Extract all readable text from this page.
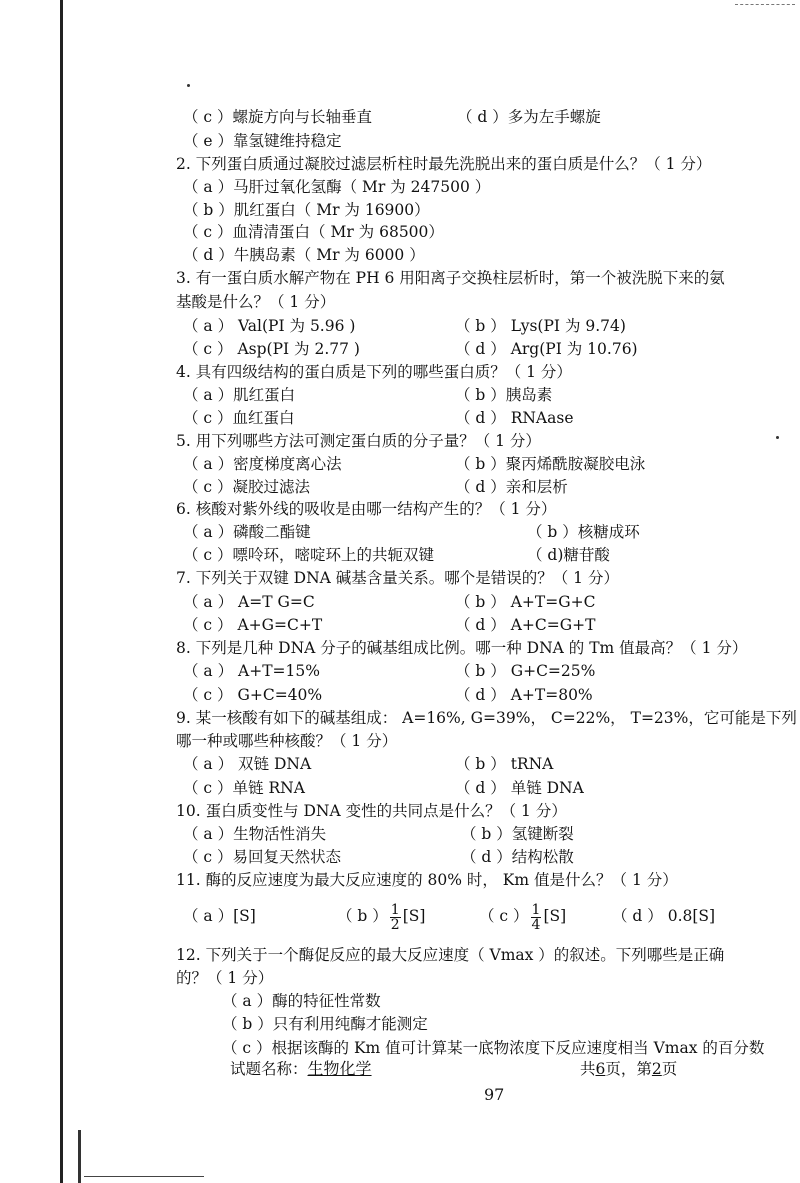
（ c ）螺旋方向与长轴垂直	（ d ）多为左手螺旋
（ e ）靠氢键维持稳定
2. 下列蛋白质通过凝胶过滤层析柱时最先洗脱出来的蛋白质是什么？（ 1 分）
（ a ）马肝过氧化氢酶（ Mr 为 247500 ）
（ b ）肌红蛋白（ Mr 为 16900）
（ c ）血清清蛋白（ Mr 为 68500）
（ d ）牛胰岛素（ Mr 为 6000 ）
3. 有一蛋白质水解产物在 PH 6 用阳离子交换柱层析时，第一个被洗脱下来的氨
基酸是什么？（ 1 分）
（ a ） Val(PI 为 5.96 )	（ b ） Lys(PI 为 9.74)
（ c ） Asp(PI 为 2.77 )	（ d ） Arg(PI 为 10.76)
4. 具有四级结构的蛋白质是下列的哪些蛋白质？（ 1 分）
（ a ）肌红蛋白	（ b ）胰岛素
（ c ）血红蛋白	（ d ） RNAase
5. 用下列哪些方法可测定蛋白质的分子量？（ 1 分）
（ a ）密度梯度离心法	（ b ）聚丙烯酰胺凝胶电泳
（ c ）凝胶过滤法	（ d ）亲和层析
6. 核酸对紫外线的吸收是由哪一结构产生的？（ 1 分）
（ a ）磷酸二酯键	（ b ）核糖成环
（ c ）嘌呤环，嘧啶环上的共轭双键	（ d)糖苷酸
7. 下列关于双键 DNA 碱基含量关系。哪个是错误的？（ 1 分）
（ a ） A=T G=C	（ b ） A+T=G+C
（ c ） A+G=C+T	（ d ） A+C=G+T
8. 下列是几种 DNA 分子的碱基组成比例。哪一种 DNA 的 Tm 值最高？（ 1 分）
（ a ） A+T=15%	（ b ） G+C=25%
（ c ） G+C=40%	（ d ） A+T=80%
9. 某一核酸有如下的碱基组成： A=16%, G=39%， C=22%， T=23%，它可能是下列
哪一种或哪些种核酸？（ 1 分）
（ a ） 双链 DNA	（ b ） tRNA
（ c ）单链 RNA	（ d ） 单链 DNA
10. 蛋白质变性与 DNA 变性的共同点是什么？（ 1 分）
（ a ）生物活性消失	（ b ）氢键断裂
（ c ）易回复天然状态	（ d ）结构松散
11. 酶的反应速度为最大反应速度的 80% 时， Km 值是什么？（ 1 分）
（ a ）[S]	（ b ） $\frac{1}{2} [S]$	（ c ） $\frac{1}{4} [S]$	（ d ） 0.8[S]
12. 下列关于一个酶促反应的最大反应速度（ Vmax ）的叙述。下列哪些是正确
的？（ 1 分）
（ a ）酶的特征性常数
（ b ）只有利用纯酶才能测定
（ c ）根据该酶的 Km 值可计算某一底物浓度下反应速度相当 Vmax 的百分数
试题名称：生物化学	共6页，第2页
97
